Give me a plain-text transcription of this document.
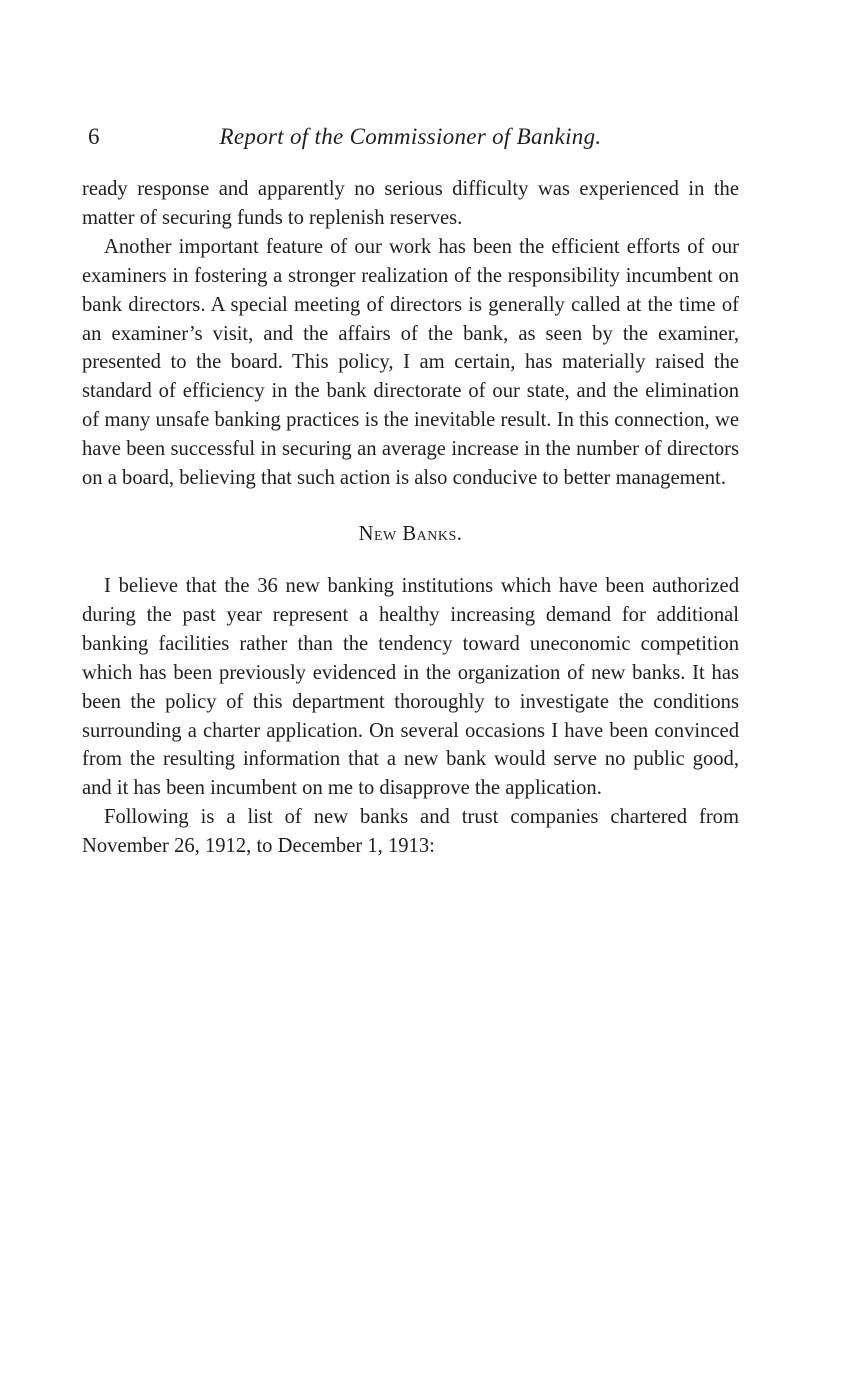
6	Report of the Commissioner of Banking.

ready response and apparently no serious difficulty was experienced in the matter of securing funds to replenish reserves.

Another important feature of our work has been the efficient efforts of our examiners in fostering a stronger realization of the responsibility incumbent on bank directors. A special meeting of directors is generally called at the time of an examiner’s visit, and the affairs of the bank, as seen by the examiner, presented to the board. This policy, I am certain, has materially raised the standard of efficiency in the bank directorate of our state, and the elimination of many unsafe banking practices is the inevitable result. In this connection, we have been successful in securing an average increase in the number of directors on a board, believing that such action is also conducive to better management.

New Banks.

I believe that the 36 new banking institutions which have been authorized during the past year represent a healthy increasing demand for additional banking facilities rather than the tendency toward uneconomic competition which has been previously evidenced in the organization of new banks. It has been the policy of this department thoroughly to investigate the conditions surrounding a charter application. On several occasions I have been convinced from the resulting information that a new bank would serve no public good, and it has been incumbent on me to disapprove the application.

Following is a list of new banks and trust companies chartered from November 26, 1912, to December 1, 1913:
